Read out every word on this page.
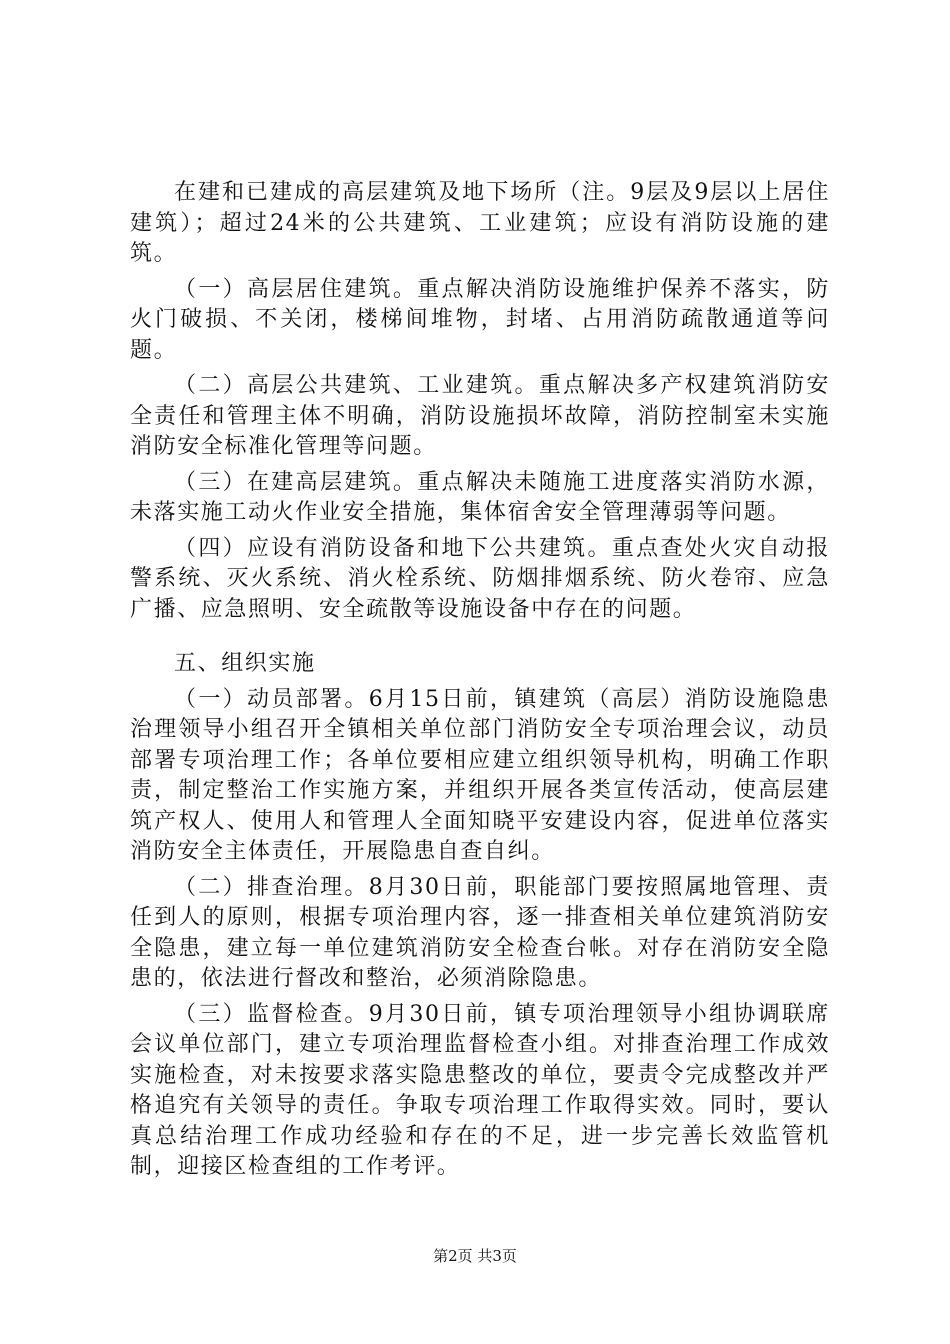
在建和已建成的高层建筑及地下场所（注。9层及9层以上居住建筑）；超过24米的公共建筑、工业建筑；应设有消防设施的建筑。

（一）高层居住建筑。重点解决消防设施维护保养不落实，防火门破损、不关闭，楼梯间堆物，封堵、占用消防疏散通道等问题。

（二）高层公共建筑、工业建筑。重点解决多产权建筑消防安全责任和管理主体不明确，消防设施损坏故障，消防控制室未实施消防安全标准化管理等问题。

（三）在建高层建筑。重点解决未随施工进度落实消防水源，未落实施工动火作业安全措施，集体宿舍安全管理薄弱等问题。

（四）应设有消防设备和地下公共建筑。重点查处火灾自动报警系统、灭火系统、消火栓系统、防烟排烟系统、防火卷帘、应急广播、应急照明、安全疏散等设施设备中存在的问题。

五、组织实施

（一）动员部署。6月15日前，镇建筑（高层）消防设施隐患治理领导小组召开全镇相关单位部门消防安全专项治理会议，动员部署专项治理工作；各单位要相应建立组织领导机构，明确工作职责，制定整治工作实施方案，并组织开展各类宣传活动，使高层建筑产权人、使用人和管理人全面知晓平安建设内容，促进单位落实消防安全主体责任，开展隐患自查自纠。

（二）排查治理。8月30日前，职能部门要按照属地管理、责任到人的原则，根据专项治理内容，逐一排查相关单位建筑消防安全隐患，建立每一单位建筑消防安全检查台帐。对存在消防安全隐患的，依法进行督改和整治，必须消除隐患。

（三）监督检查。9月30日前，镇专项治理领导小组协调联席会议单位部门，建立专项治理监督检查小组。对排查治理工作成效实施检查，对未按要求落实隐患整改的单位，要责令完成整改并严格追究有关领导的责任。争取专项治理工作取得实效。同时，要认真总结治理工作成功经验和存在的不足，进一步完善长效监管机制，迎接区检查组的工作考评。

第2页 共3页
